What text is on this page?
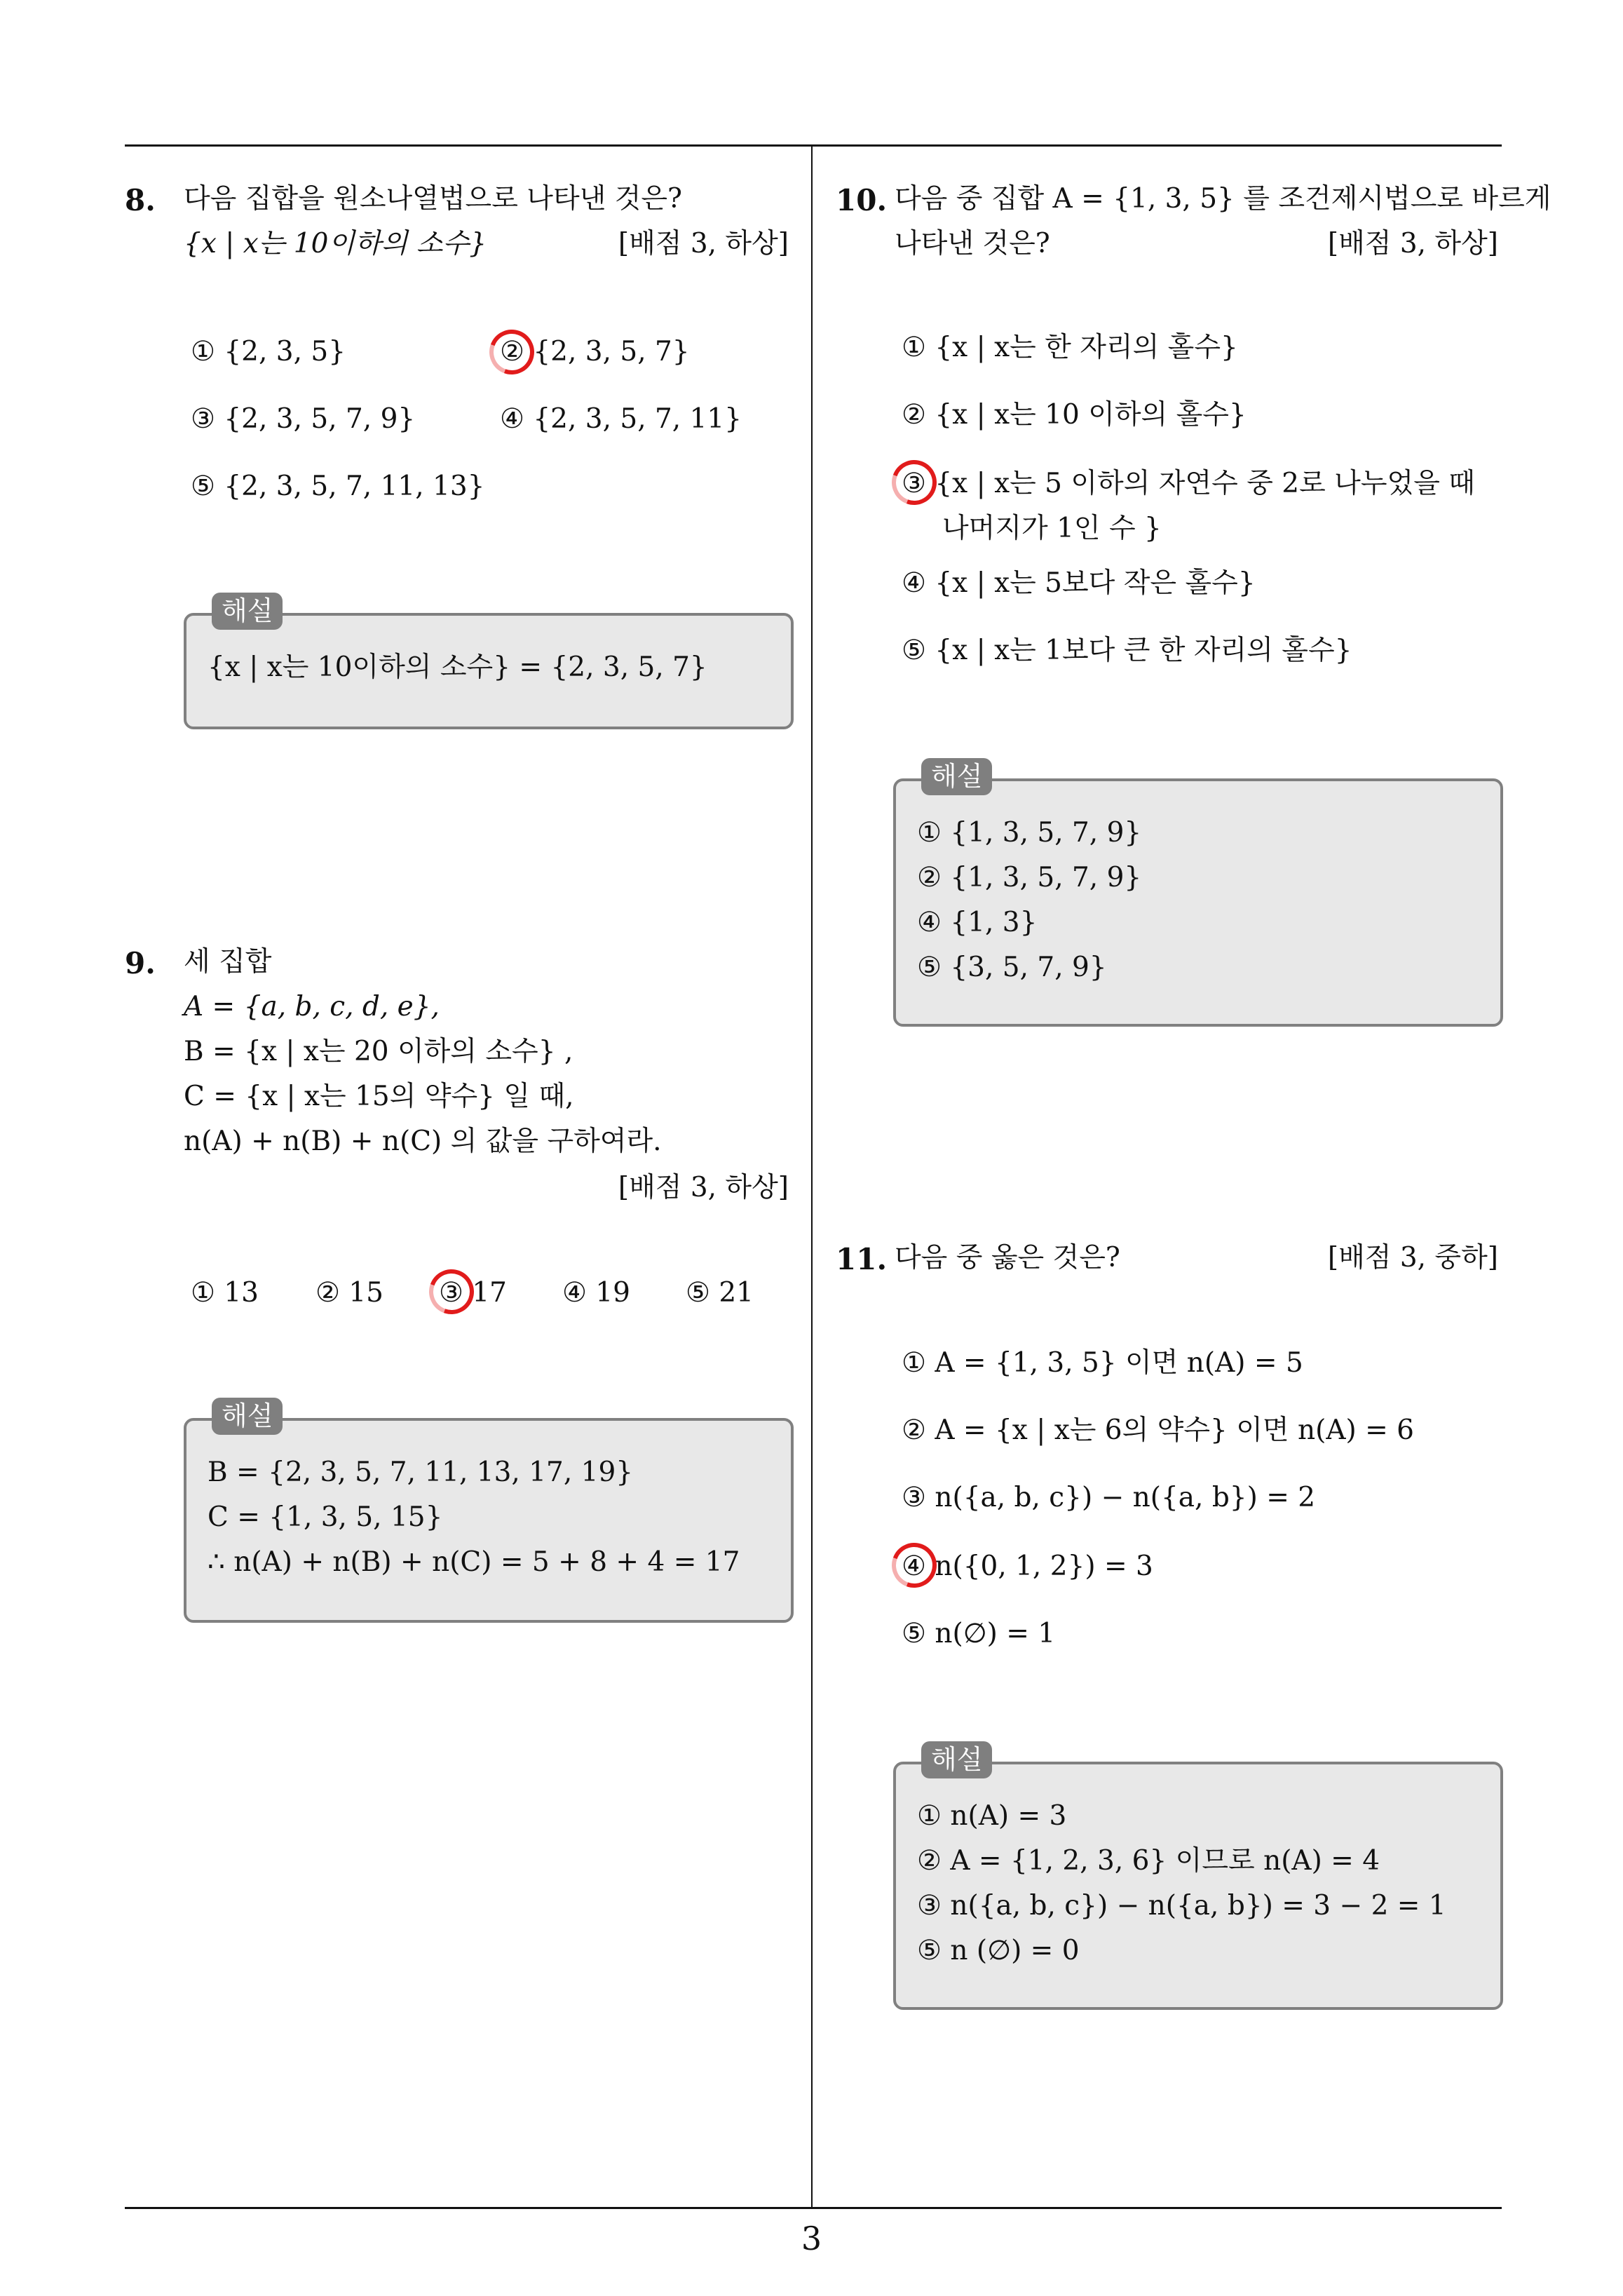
8. 다음 집합을 원소나열법으로 나타낸 것은?
{x | x는 10이하의 소수}	[배점 3, 하상]
① {2, 3, 5}	② {2, 3, 5, 7}
③ {2, 3, 5, 7, 9}	④ {2, 3, 5, 7, 11}
⑤ {2, 3, 5, 7, 11, 13}
{x | x는 10이하의 소수} = {2, 3, 5, 7}
해설
9. 세 집합
A = {a, b, c, d, e},
B = {x | x는 20 이하의 소수} ,
C = {x | x는 15의 약수} 일 때,
n(A) + n(B) + n(C) 의 값을 구하여라.
[배점 3, 하상]
① 13 ② 15 ③ 17 ④ 19 ⑤ 21
B = {2, 3, 5, 7, 11, 13, 17, 19}
C = {1, 3, 5, 15}
∴ n(A) + n(B) + n(C) = 5 + 8 + 4 = 17
해설
10. 다음 중 집합 A = {1, 3, 5} 를 조건제시법으로 바르게
나타낸 것은?	[배점 3, 하상]
① {x | x는 한 자리의 홀수}
② {x | x는 10 이하의 홀수}
③ {x | x는 5 이하의 자연수 중 2로 나누었을 때
나머지가 1인 수 }
④ {x | x는 5보다 작은 홀수}
⑤ {x | x는 1보다 큰 한 자리의 홀수}
① {1, 3, 5, 7, 9}
② {1, 3, 5, 7, 9}
④ {1, 3}
⑤ {3, 5, 7, 9}
해설
11. 다음 중 옳은 것은?	[배점 3, 중하]
① A = {1, 3, 5} 이면 n(A) = 5
② A = {x | x는 6의 약수} 이면 n(A) = 6
③ n({a, b, c}) − n({a, b}) = 2
④ n({0, 1, 2}) = 3
⑤ n(∅) = 1
① n(A) = 3
② A = {1, 2, 3, 6} 이므로 n(A) = 4
③ n({a, b, c}) − n({a, b}) = 3 − 2 = 1
⑤ n (∅) = 0
해설
3
